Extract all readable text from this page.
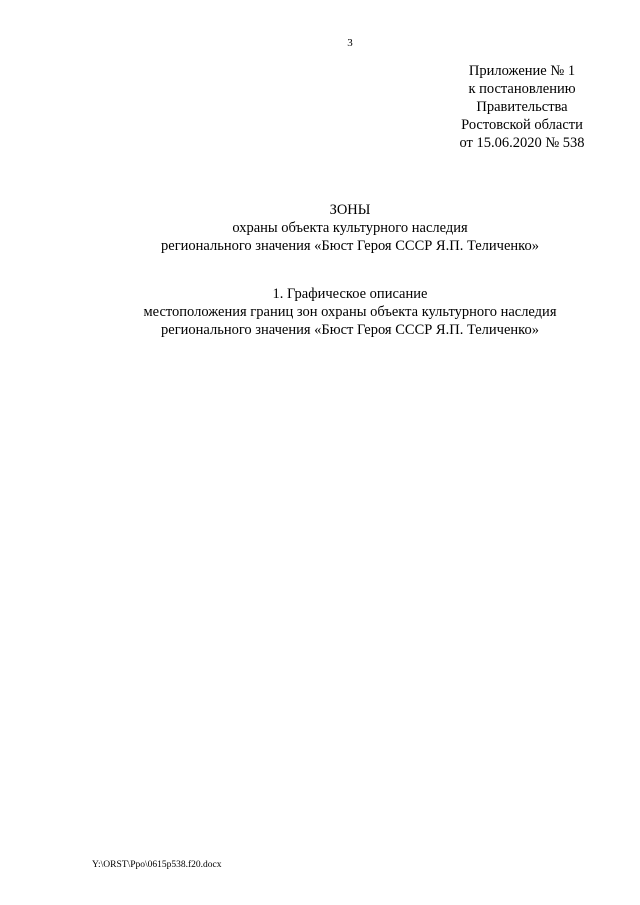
3
Приложение № 1
к постановлению
Правительства
Ростовской области
от 15.06.2020 № 538
ЗОНЫ
охраны объекта культурного наследия
регионального значения «Бюст Героя СССР Я.П. Теличенко»
1. Графическое описание
местоположения границ зон охраны объекта культурного наследия
регионального значения «Бюст Героя СССР Я.П. Теличенко»
Y:\ORST\Ppo\0615p538.f20.docx
